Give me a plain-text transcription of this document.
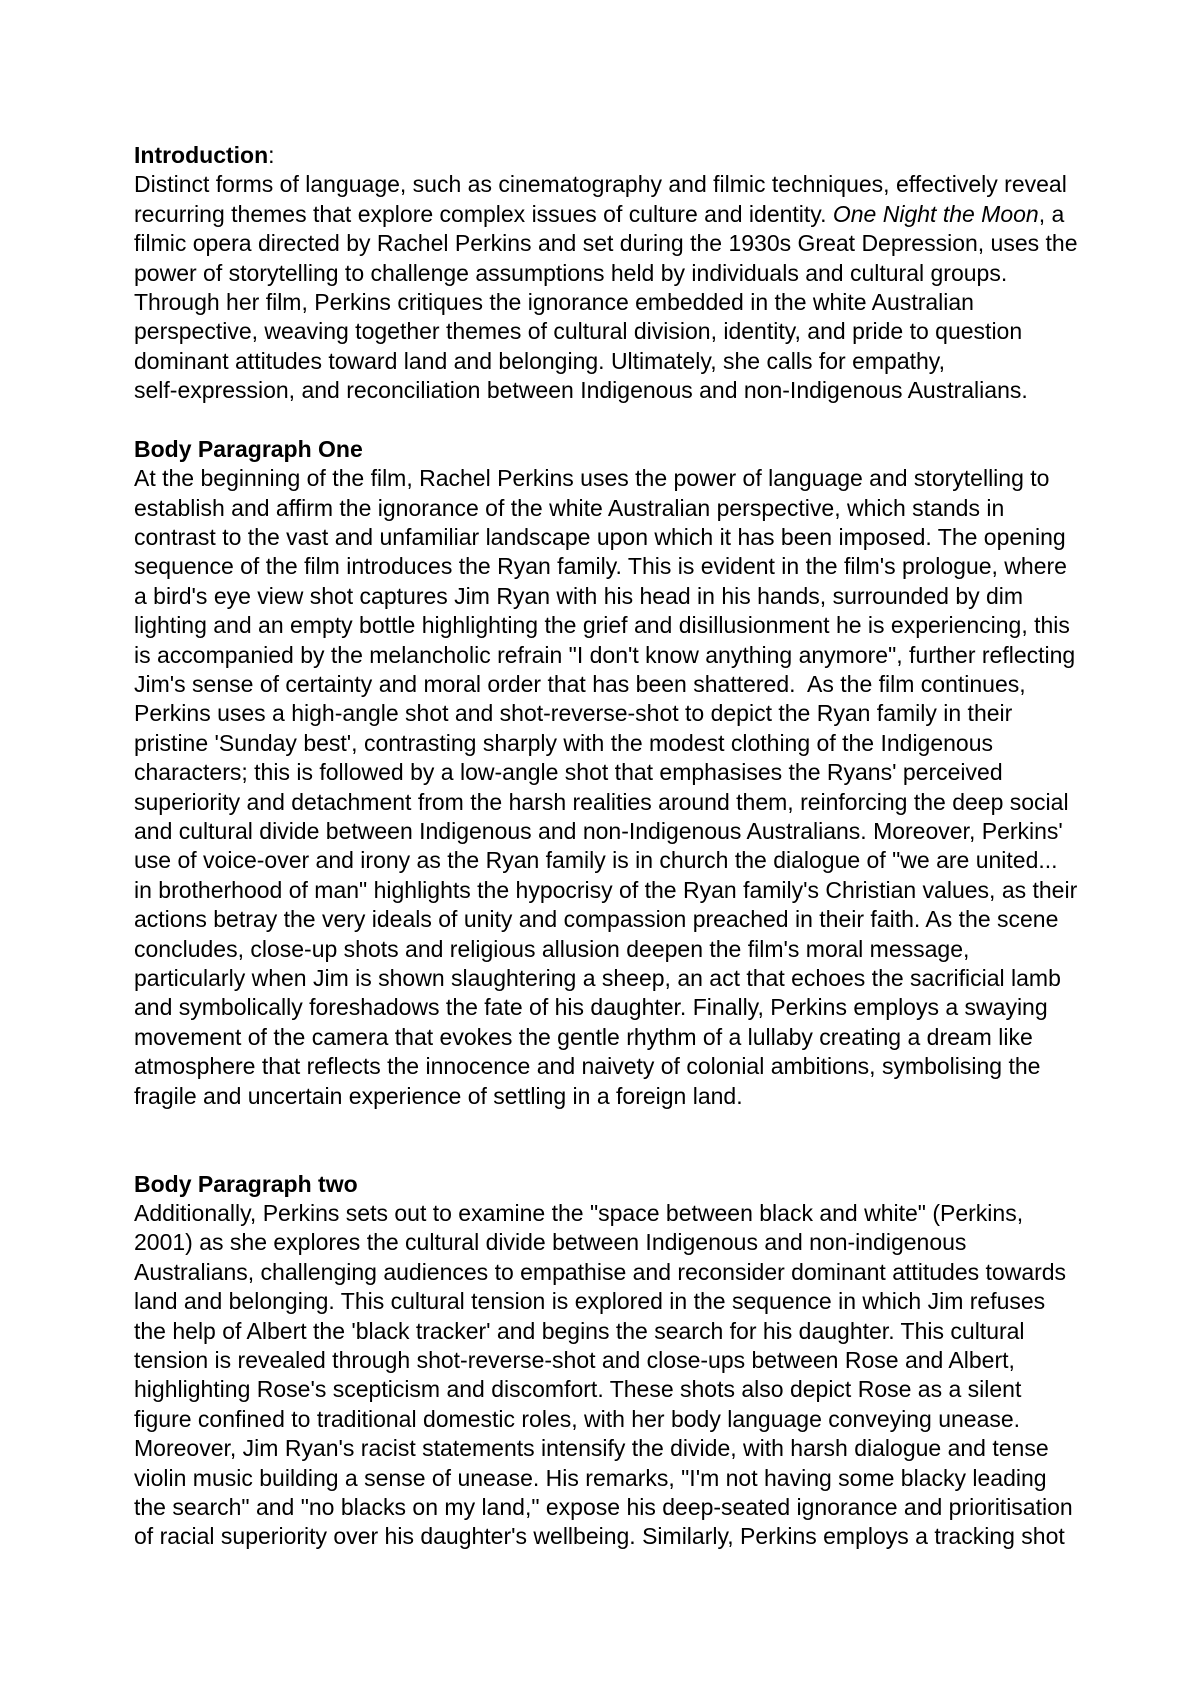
Introduction:
Distinct forms of language, such as cinematography and filmic techniques, effectively reveal
recurring themes that explore complex issues of culture and identity. One Night the Moon, a
filmic opera directed by Rachel Perkins and set during the 1930s Great Depression, uses the
power of storytelling to challenge assumptions held by individuals and cultural groups.
Through her film, Perkins critiques the ignorance embedded in the white Australian
perspective, weaving together themes of cultural division, identity, and pride to question
dominant attitudes toward land and belonging. Ultimately, she calls for empathy,
self-expression, and reconciliation between Indigenous and non-Indigenous Australians.

Body Paragraph One
At the beginning of the film, Rachel Perkins uses the power of language and storytelling to
establish and affirm the ignorance of the white Australian perspective, which stands in
contrast to the vast and unfamiliar landscape upon which it has been imposed. The opening
sequence of the film introduces the Ryan family. This is evident in the film's prologue, where
a bird's eye view shot captures Jim Ryan with his head in his hands, surrounded by dim
lighting and an empty bottle highlighting the grief and disillusionment he is experiencing, this
is accompanied by the melancholic refrain "I don't know anything anymore", further reflecting
Jim's sense of certainty and moral order that has been shattered.  As the film continues,
Perkins uses a high-angle shot and shot-reverse-shot to depict the Ryan family in their
pristine 'Sunday best', contrasting sharply with the modest clothing of the Indigenous
characters; this is followed by a low-angle shot that emphasises the Ryans' perceived
superiority and detachment from the harsh realities around them, reinforcing the deep social
and cultural divide between Indigenous and non-Indigenous Australians. Moreover, Perkins'
use of voice-over and irony as the Ryan family is in church the dialogue of "we are united...
in brotherhood of man" highlights the hypocrisy of the Ryan family's Christian values, as their
actions betray the very ideals of unity and compassion preached in their faith. As the scene
concludes, close-up shots and religious allusion deepen the film's moral message,
particularly when Jim is shown slaughtering a sheep, an act that echoes the sacrificial lamb
and symbolically foreshadows the fate of his daughter. Finally, Perkins employs a swaying
movement of the camera that evokes the gentle rhythm of a lullaby creating a dream like
atmosphere that reflects the innocence and naivety of colonial ambitions, symbolising the
fragile and uncertain experience of settling in a foreign land.

Body Paragraph two
Additionally, Perkins sets out to examine the "space between black and white" (Perkins,
2001) as she explores the cultural divide between Indigenous and non-indigenous
Australians, challenging audiences to empathise and reconsider dominant attitudes towards
land and belonging. This cultural tension is explored in the sequence in which Jim refuses
the help of Albert the 'black tracker' and begins the search for his daughter. This cultural
tension is revealed through shot-reverse-shot and close-ups between Rose and Albert,
highlighting Rose's scepticism and discomfort. These shots also depict Rose as a silent
figure confined to traditional domestic roles, with her body language conveying unease.
Moreover, Jim Ryan's racist statements intensify the divide, with harsh dialogue and tense
violin music building a sense of unease. His remarks, "I'm not having some blacky leading
the search" and "no blacks on my land," expose his deep-seated ignorance and prioritisation
of racial superiority over his daughter's wellbeing. Similarly, Perkins employs a tracking shot
